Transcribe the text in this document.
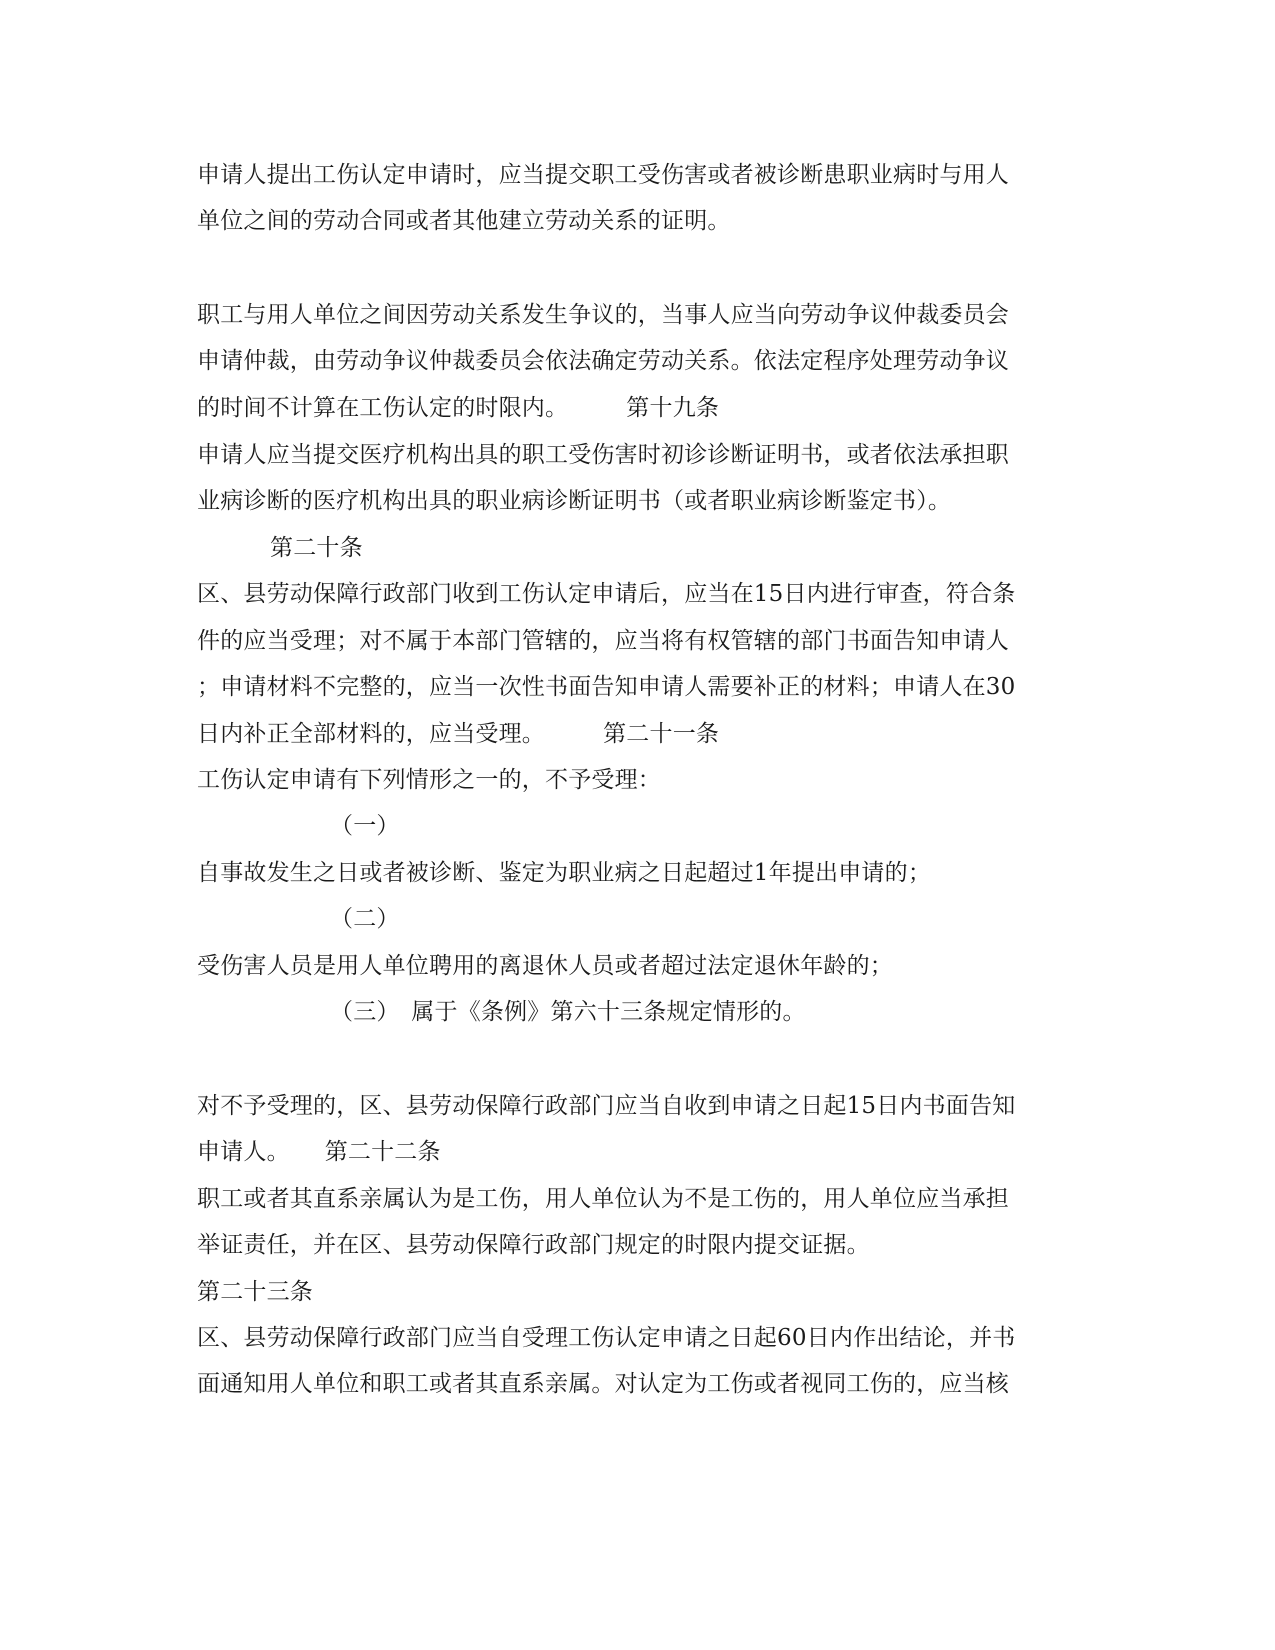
申请人提出工伤认定申请时，应当提交职工受伤害或者被诊断患职业病时与用人
单位之间的劳动合同或者其他建立劳动关系的证明。
职工与用人单位之间因劳动关系发生争议的，当事人应当向劳动争议仲裁委员会
申请仲裁，由劳动争议仲裁委员会依法确定劳动关系。依法定程序处理劳动争议
的时间不计算在工伤认定的时限内。　　　第十九条
申请人应当提交医疗机构出具的职工受伤害时初诊诊断证明书，或者依法承担职
业病诊断的医疗机构出具的职业病诊断证明书（或者职业病诊断鉴定书）。
第二十条
区、县劳动保障行政部门收到工伤认定申请后，应当在15日内进行审查，符合条
件的应当受理；对不属于本部门管辖的，应当将有权管辖的部门书面告知申请人
；申请材料不完整的，应当一次性书面告知申请人需要补正的材料；申请人在30
日内补正全部材料的，应当受理。　　　第二十一条
工伤认定申请有下列情形之一的，不予受理：
（一）
自事故发生之日或者被诊断、鉴定为职业病之日起超过1年提出申请的；
（二）
受伤害人员是用人单位聘用的离退休人员或者超过法定退休年龄的；
（三）　属于《条例》第六十三条规定情形的。
对不予受理的，区、县劳动保障行政部门应当自收到申请之日起15日内书面告知
申请人。　　第二十二条
职工或者其直系亲属认为是工伤，用人单位认为不是工伤的，用人单位应当承担
举证责任，并在区、县劳动保障行政部门规定的时限内提交证据。
第二十三条
区、县劳动保障行政部门应当自受理工伤认定申请之日起60日内作出结论，并书
面通知用人单位和职工或者其直系亲属。对认定为工伤或者视同工伤的，应当核
